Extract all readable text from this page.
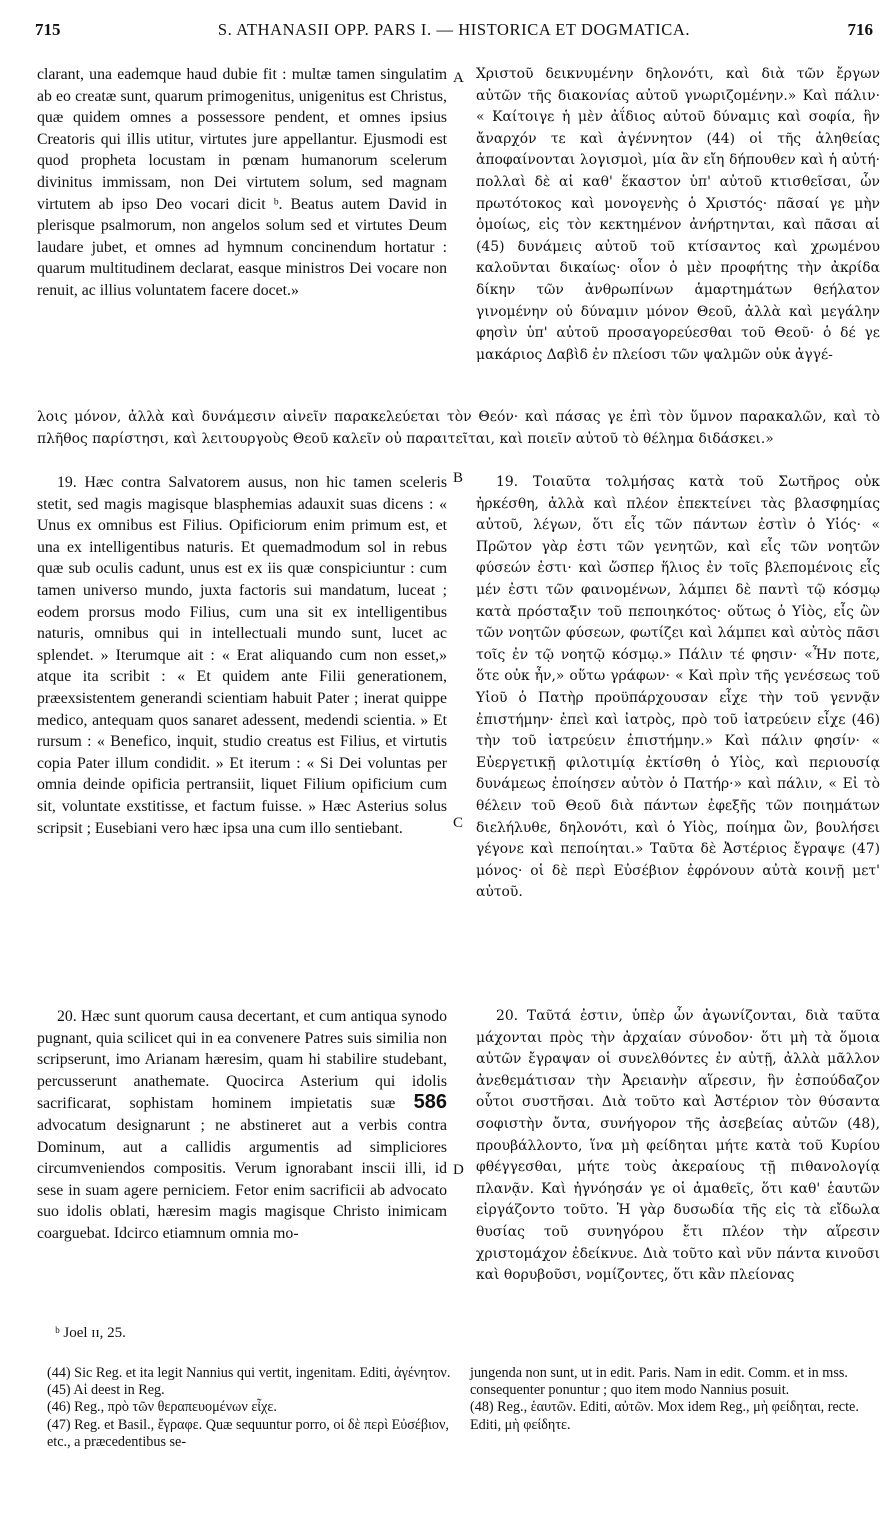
715	S. ATHANASII OPP. PARS I. — HISTORICA ET DOGMATICA.	716

clarant, una eademque haud dubie fit : multæ tamen singulatim ab eo creatæ sunt, quarum primogenitus, unigenitus est Christus, quæ quidem omnes a possessore pendent, et omnes ipsius Creatoris qui illis utitur, virtutes jure appellantur. Ejusmodi est quod propheta locustam in pœnam humanorum scelerum divinitus immissam, non Dei virtutem solum, sed magnam virtutem ab ipso Deo vocari dicit ᵇ. Beatus autem David in plerisque psalmorum, non angelos solum sed et virtutes Deum laudare jubet, et omnes ad hymnum concinendum hortatur : quarum multitudinem declarat, easque ministros Dei vocare non renuit, ac illius voluntatem facere docet.»

A Χριστοῦ δεικνυμένην δηλονότι, καὶ διὰ τῶν ἔργων αὐτῶν τῆς διακονίας αὐτοῦ γνωριζομένην.» Καὶ πάλιν· « Καίτοιγε ἡ μὲν ἀΐδιος αὐτοῦ δύναμις καὶ σοφία, ἣν ἄναρχόν τε καὶ ἀγέννητον (44) οἱ τῆς ἀληθείας ἀποφαίνονται λογισμοὶ, μία ἂν εἴη δήπουθεν καὶ ἡ αὐτή· πολλαὶ δὲ αἱ καθ' ἕκαστον ὑπ' αὐτοῦ κτισθεῖσαι, ὧν πρωτότοκος καὶ μονογενὴς ὁ Χριστός· πᾶσαί γε μὴν ὁμοίως, εἰς τὸν κεκτημένον ἀνήρτηνται, καὶ πᾶσαι αἱ (45) δυνάμεις αὐτοῦ τοῦ κτίσαντος καὶ χρωμένου καλοῦνται δικαίως· οἷον ὁ μὲν προφήτης τὴν ἀκρίδα δίκην τῶν ἀνθρωπίνων ἁμαρτημάτων θεήλατον γινομένην οὐ δύναμιν μόνον Θεοῦ, ἀλλὰ καὶ μεγάλην φησὶν ὑπ' αὐτοῦ προσαγορεύεσθαι τοῦ Θεοῦ· ὁ δέ γε μακάριος Δαβὶδ ἐν πλείοσι τῶν ψαλμῶν οὐκ ἀγγέ-

λοις μόνον, ἀλλὰ καὶ δυνάμεσιν αἰνεῖν παρακελεύεται τὸν Θεόν· καὶ πάσας γε ἐπὶ τὸν ὕμνον παρακαλῶν, καὶ τὸ πλῆθος παρίστησι, καὶ λειτουργοὺς Θεοῦ καλεῖν οὐ παραιτεῖται, καὶ ποιεῖν αὐτοῦ τὸ θέλημα διδάσκει.»

B

19. Hæc contra Salvatorem ausus, non hic tamen sceleris stetit, sed magis magisque blasphemias adauxit suas dicens : « Unus ex omnibus est Filius. Opificiorum enim primum est, et una ex intelligentibus naturis. Et quemadmodum sol in rebus quæ sub oculis cadunt, unus est ex iis quæ conspiciuntur : cum tamen universo mundo, juxta factoris sui mandatum, luceat ; eodem prorsus modo Filius, cum una sit ex intelligentibus naturis, omnibus qui in intellectuali mundo sunt, lucet ac splendet. » Iterumque ait : « Erat aliquando cum non esset,» atque ita scribit : « Et quidem ante Filii generationem, præexsistentem generandi scientiam habuit Pater ; inerat quippe medico, antequam quos sanaret adessent, medendi scientia. » Et rursum : « Benefico, inquit, studio creatus est Filius, et virtutis copia Pater illum condidit. » Et iterum : « Si Dei voluntas per omnia deinde opificia pertransiit, liquet Filium opificium cum sit, voluntate exstitisse, et factum fuisse. » Hæc Asterius solus scripsit ; Eusebiani vero hæc ipsa una cum illo sentiebant.

19. Τοιαῦτα τολμήσας κατὰ τοῦ Σωτῆρος οὐκ ἠρκέσθη, ἀλλὰ καὶ πλέον ἐπεκτείνει τὰς βλασφημίας αὐτοῦ, λέγων, ὅτι εἷς τῶν πάντων ἐστὶν ὁ Υἱός· « Πρῶτον γὰρ ἐστι τῶν γενητῶν, καὶ εἷς τῶν νοητῶν φύσεών ἐστι· καὶ ὥσπερ ἥλιος ἐν τοῖς βλεπομένοις εἷς μέν ἐστι τῶν φαινομένων, λάμπει δὲ παντὶ τῷ κόσμῳ κατὰ πρόσταξιν τοῦ πεποιηκότος· οὕτως ὁ Υἱὸς, εἷς ὢν τῶν νοητῶν φύσεων, φωτίζει καὶ λάμπει καὶ αὐτὸς πᾶσι τοῖς ἐν τῷ νοητῷ κόσμῳ.» Πάλιν τέ φησιν· «Ἦν ποτε, ὅτε οὐκ ἦν,» οὕτω γράφων· « Καὶ πρὶν τῆς γενέσεως τοῦ Υἱοῦ ὁ Πατὴρ προϋπάρχουσαν εἶχε τὴν τοῦ γεννᾷν ἐπιστήμην· ἐπεὶ καὶ ἰατρὸς, πρὸ τοῦ ἰατρεύειν εἶχε (46) τὴν τοῦ ἰατρεύειν ἐπιστήμην.» Καὶ πάλιν φησίν· « Εὐεργετικῇ φιλοτιμίᾳ ἐκτίσθη ὁ Υἱὸς, καὶ περιουσίᾳ δυνάμεως ἐποίησεν αὐτὸν ὁ Πατήρ·» καὶ πάλιν, « Εἰ τὸ θέλειν τοῦ Θεοῦ διὰ πάντων ἐφεξῆς τῶν ποιημάτων διελήλυθε, δηλονότι, καὶ ὁ Υἱὸς, ποίημα ὢν, βουλήσει γέγονε καὶ πεποίηται.» Ταῦτα δὲ Ἀστέριος ἔγραψε (47) μόνος· οἱ δὲ περὶ Εὐσέβιον ἐφρόνουν αὐτὰ κοινῇ μετ' αὐτοῦ.

C

20. Hæc sunt quorum causa decertant, et cum antiqua synodo pugnant, quia scilicet qui in ea convenere Patres suis similia non scripserunt, imo Arianam hæresim, quam hi stabilire studebant, percusserunt anathemate. Quocirca Asterium qui idolis sacrificarat, sophistam hominem impietatis suæ 586 advocatum designarunt ; ne abstineret aut a verbis contra Dominum, aut a callidis argumentis ad simpliciores circumveniendos compositis. Verum ignorabant insciі illi, id sese in suam agere perniciem. Fetor enim sacrificii ab advocato suo idolis oblati, hæresim magis magisque Christo inimicam coarguebat. Idcirco etiamnum omnia mo-

20. Ταῦτά ἐστιν, ὑπὲρ ὧν ἀγωνίζονται, διὰ ταῦτα μάχονται πρὸς τὴν ἀρχαίαν σύνοδον· ὅτι μὴ τὰ ὅμοια αὐτῶν ἔγραψαν οἱ συνελθόντες ἐν αὐτῇ, ἀλλὰ μᾶλλον ἀνεθεμάτισαν τὴν Ἀρειανὴν αἵρεσιν, ἣν ἐσπούδαζον οὗτοι συστῆσαι. Διὰ τοῦτο καὶ Ἀστέριον τὸν θύσαντα σοφιστὴν ὄντα, συνήγορον τῆς ἀσεβείας αὐτῶν (48), προυβάλλοντο, ἵνα μὴ φείδηται μήτε κατὰ τοῦ Κυρίου φθέγγεσθαι, μήτε τοὺς ἀκεραίους τῇ πιθανολογίᾳ πλανᾷν. Καὶ ἠγνόησάν γε οἱ ἀμαθεῖς, ὅτι καθ' ἑαυτῶν εἰργάζοντο τοῦτο. Ἡ γὰρ δυσωδία τῆς εἰς τὰ εἴδωλα θυσίας τοῦ συνηγόρου ἔτι πλέον τὴν αἵρεσιν χριστομάχον ἐδείκνυε. Διὰ τοῦτο καὶ νῦν πάντα κινοῦσι καὶ θορυβοῦσι, νομίζοντες, ὅτι κἂν πλείονας

D
ᵇ Joel ɪɪ, 25.

(44) Sic Reg. et ita legit Nannius qui vertit, ingenitam. Editi, ἀγένητον.

(45) Αἱ deest in Reg.

(46) Reg., πρὸ τῶν θεραπευομένων εἶχε.

(47) Reg. et Basil., ἔγραφε. Quæ sequuntur porro, οἱ δὲ περὶ Εὐσέβιον, etc., a præcedentibus se-

jungenda non sunt, ut in edit. Paris. Nam in edit. Comm. et in mss. consequenter ponuntur ; quo item modo Nannius posuit.

(48) Reg., ἑαυτῶν. Editi, αὐτῶν. Mox idem Reg., μὴ φείδηται, recte. Editi, μὴ φείδητε.
